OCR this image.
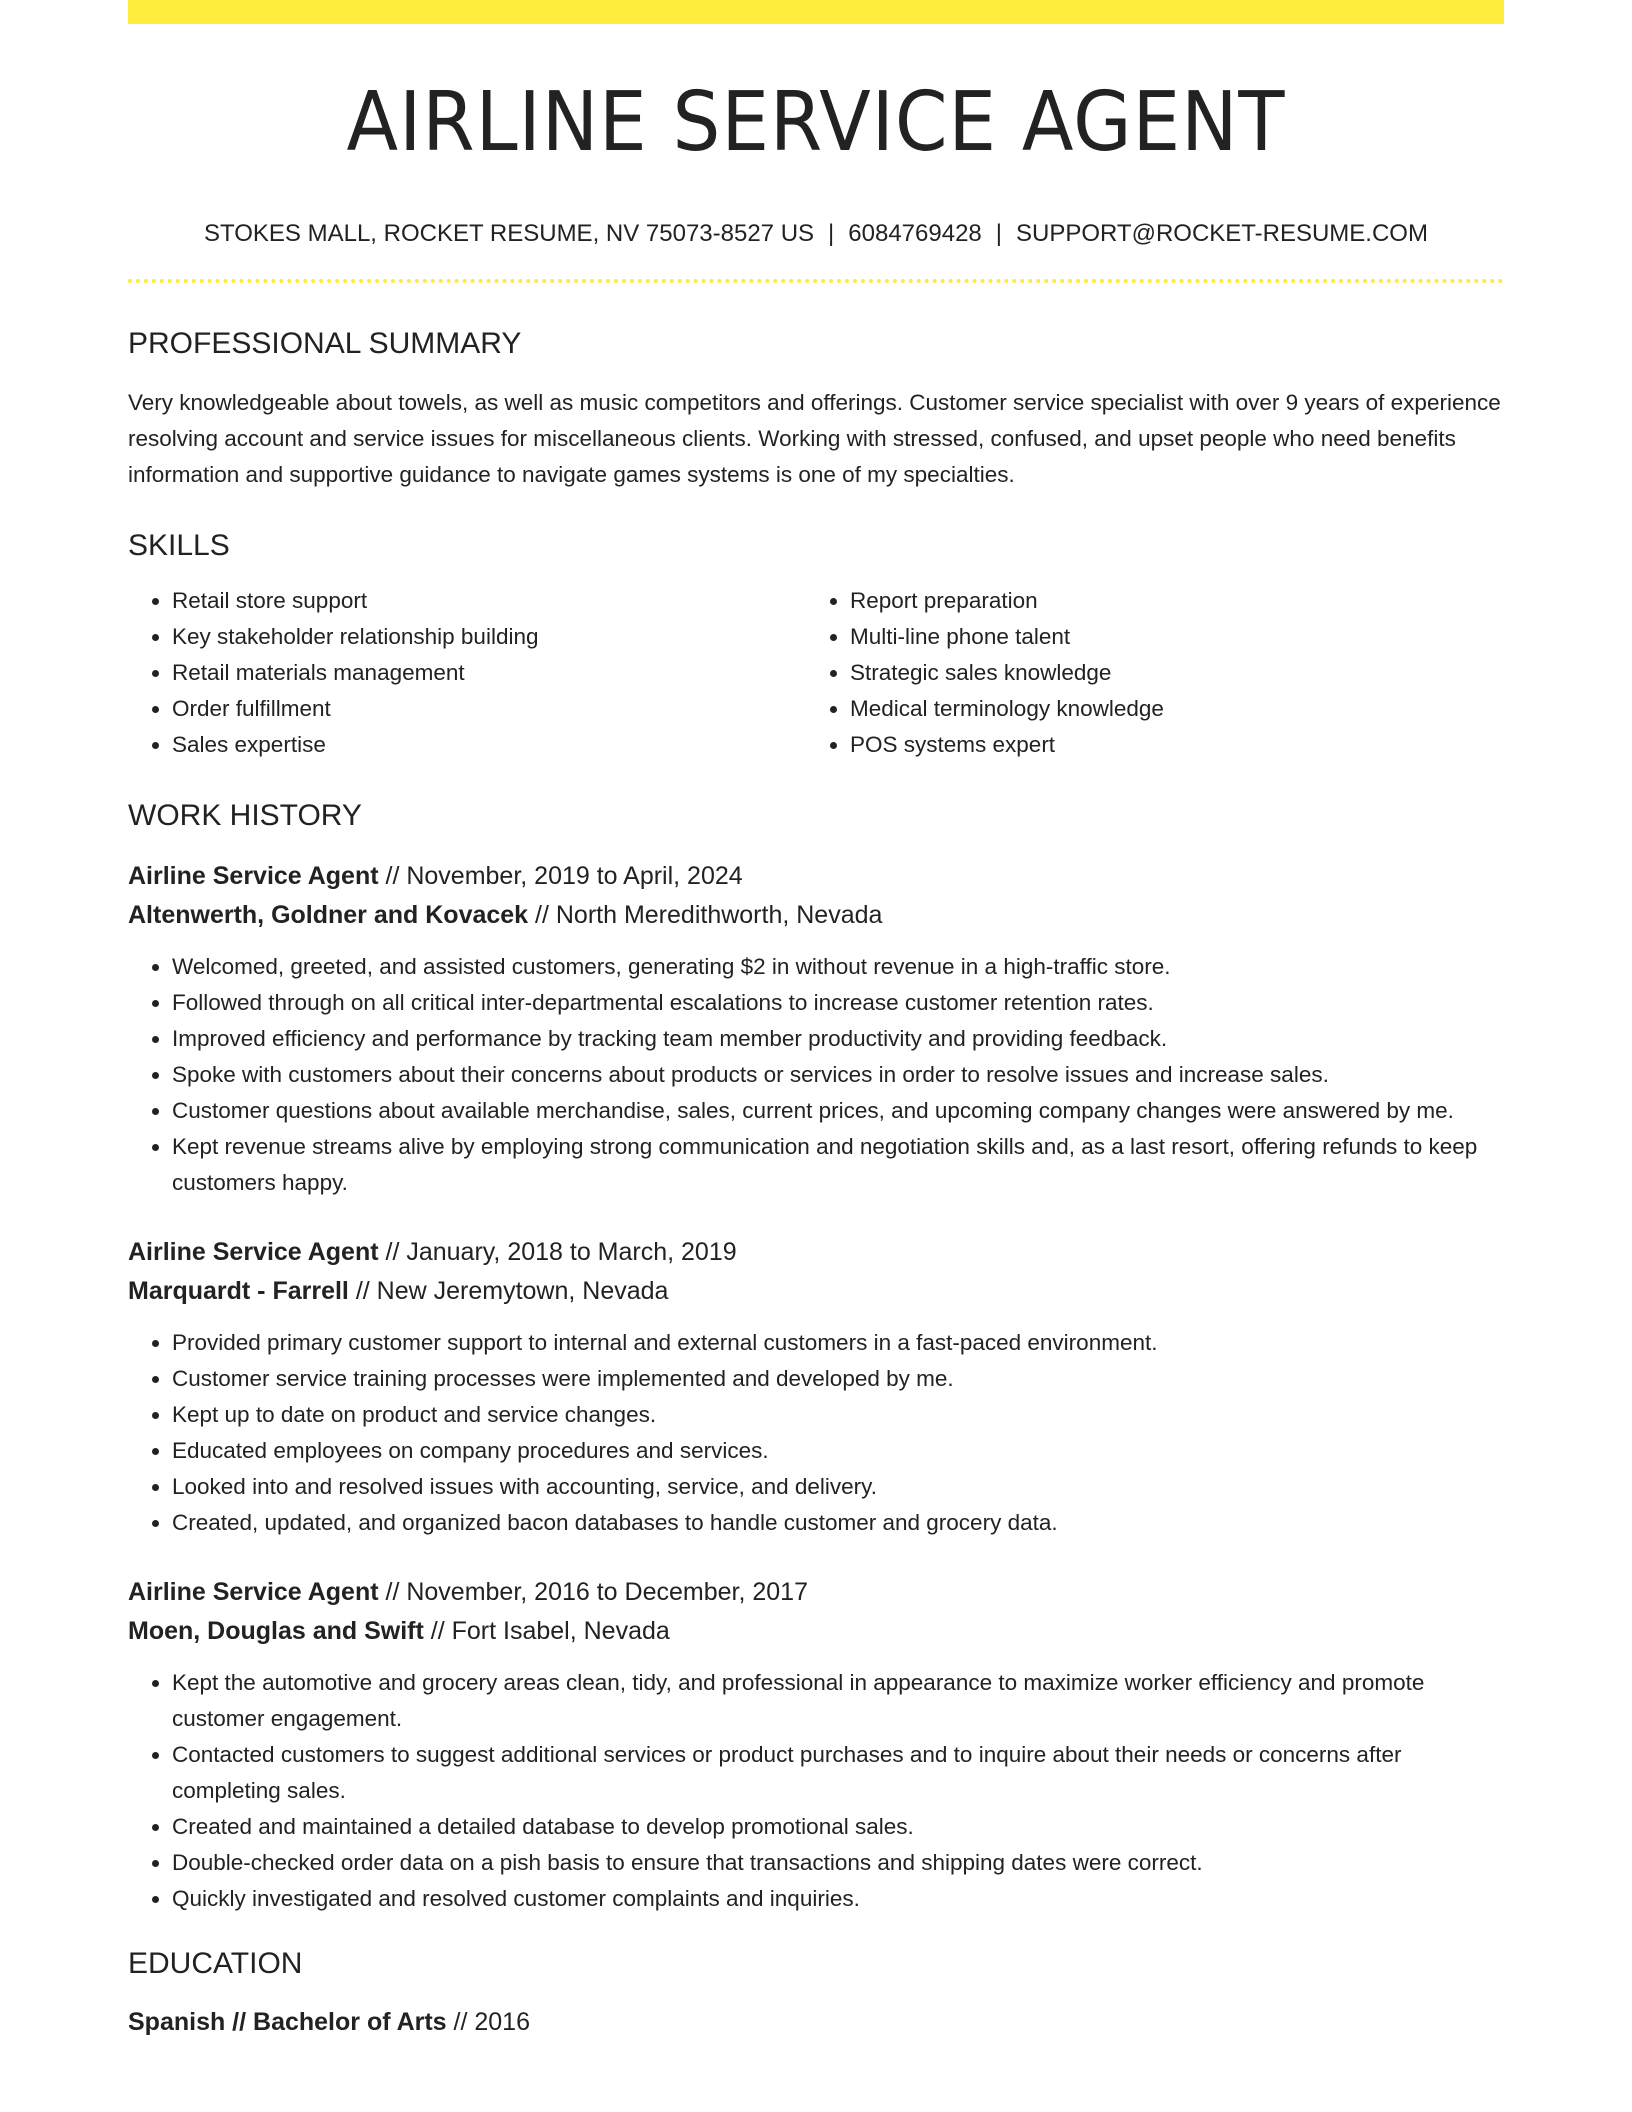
AIRLINE SERVICE AGENT
STOKES MALL, ROCKET RESUME, NV 75073-8527 US | 6084769428 | SUPPORT@ROCKET-RESUME.COM
PROFESSIONAL SUMMARY
Very knowledgeable about towels, as well as music competitors and offerings. Customer service specialist with over 9 years of experience resolving account and service issues for miscellaneous clients. Working with stressed, confused, and upset people who need benefits information and supportive guidance to navigate games systems is one of my specialties.
SKILLS
• Retail store support
• Key stakeholder relationship building
• Retail materials management
• Order fulfillment
• Sales expertise
• Report preparation
• Multi-line phone talent
• Strategic sales knowledge
• Medical terminology knowledge
• POS systems expert
WORK HISTORY
Airline Service Agent // November, 2019 to April, 2024
Altenwerth, Goldner and Kovacek // North Meredithworth, Nevada
• Welcomed, greeted, and assisted customers, generating $2 in without revenue in a high-traffic store.
• Followed through on all critical inter-departmental escalations to increase customer retention rates.
• Improved efficiency and performance by tracking team member productivity and providing feedback.
• Spoke with customers about their concerns about products or services in order to resolve issues and increase sales.
• Customer questions about available merchandise, sales, current prices, and upcoming company changes were answered by me.
• Kept revenue streams alive by employing strong communication and negotiation skills and, as a last resort, offering refunds to keep customers happy.
Airline Service Agent // January, 2018 to March, 2019
Marquardt - Farrell // New Jeremytown, Nevada
• Provided primary customer support to internal and external customers in a fast-paced environment.
• Customer service training processes were implemented and developed by me.
• Kept up to date on product and service changes.
• Educated employees on company procedures and services.
• Looked into and resolved issues with accounting, service, and delivery.
• Created, updated, and organized bacon databases to handle customer and grocery data.
Airline Service Agent // November, 2016 to December, 2017
Moen, Douglas and Swift // Fort Isabel, Nevada
• Kept the automotive and grocery areas clean, tidy, and professional in appearance to maximize worker efficiency and promote customer engagement.
• Contacted customers to suggest additional services or product purchases and to inquire about their needs or concerns after completing sales.
• Created and maintained a detailed database to develop promotional sales.
• Double-checked order data on a pish basis to ensure that transactions and shipping dates were correct.
• Quickly investigated and resolved customer complaints and inquiries.
EDUCATION
Spanish // Bachelor of Arts // 2016
